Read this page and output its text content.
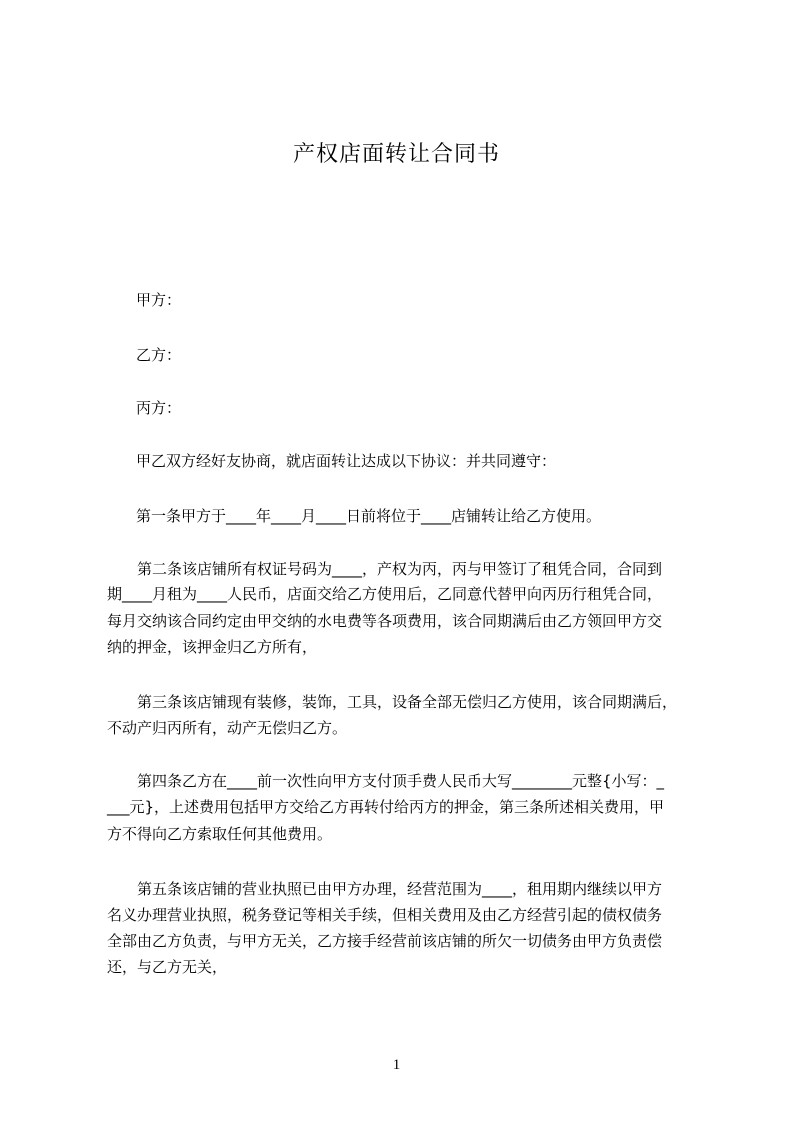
产权店面转让合同书
甲方：
乙方：
丙方：
甲乙双方经好友协商，就店面转让达成以下协议：并共同遵守：
第一条甲方于____年____月____日前将位于____店铺转让给乙方使用。
第二条该店铺所有权证号码为____，产权为丙，丙与甲签订了租凭合同，合同到
期____月租为____人民币，店面交给乙方使用后，乙同意代替甲向丙历行租凭合同，
每月交纳该合同约定由甲交纳的水电费等各项费用，该合同期满后由乙方领回甲方交
纳的押金，该押金归乙方所有，
第三条该店铺现有装修，装饰，工具，设备全部无偿归乙方使用，该合同期满后，
不动产归丙所有，动产无偿归乙方。
第四条乙方在____前一次性向甲方支付顶手费人民币大写________元整{小写：_
___元}，上述费用包括甲方交给乙方再转付给丙方的押金，第三条所述相关费用，甲
方不得向乙方索取任何其他费用。
第五条该店铺的营业执照已由甲方办理，经营范围为____，租用期内继续以甲方
名义办理营业执照，税务登记等相关手续，但相关费用及由乙方经营引起的债权债务
全部由乙方负责，与甲方无关，乙方接手经营前该店铺的所欠一切债务由甲方负责偿
还，与乙方无关，
1
